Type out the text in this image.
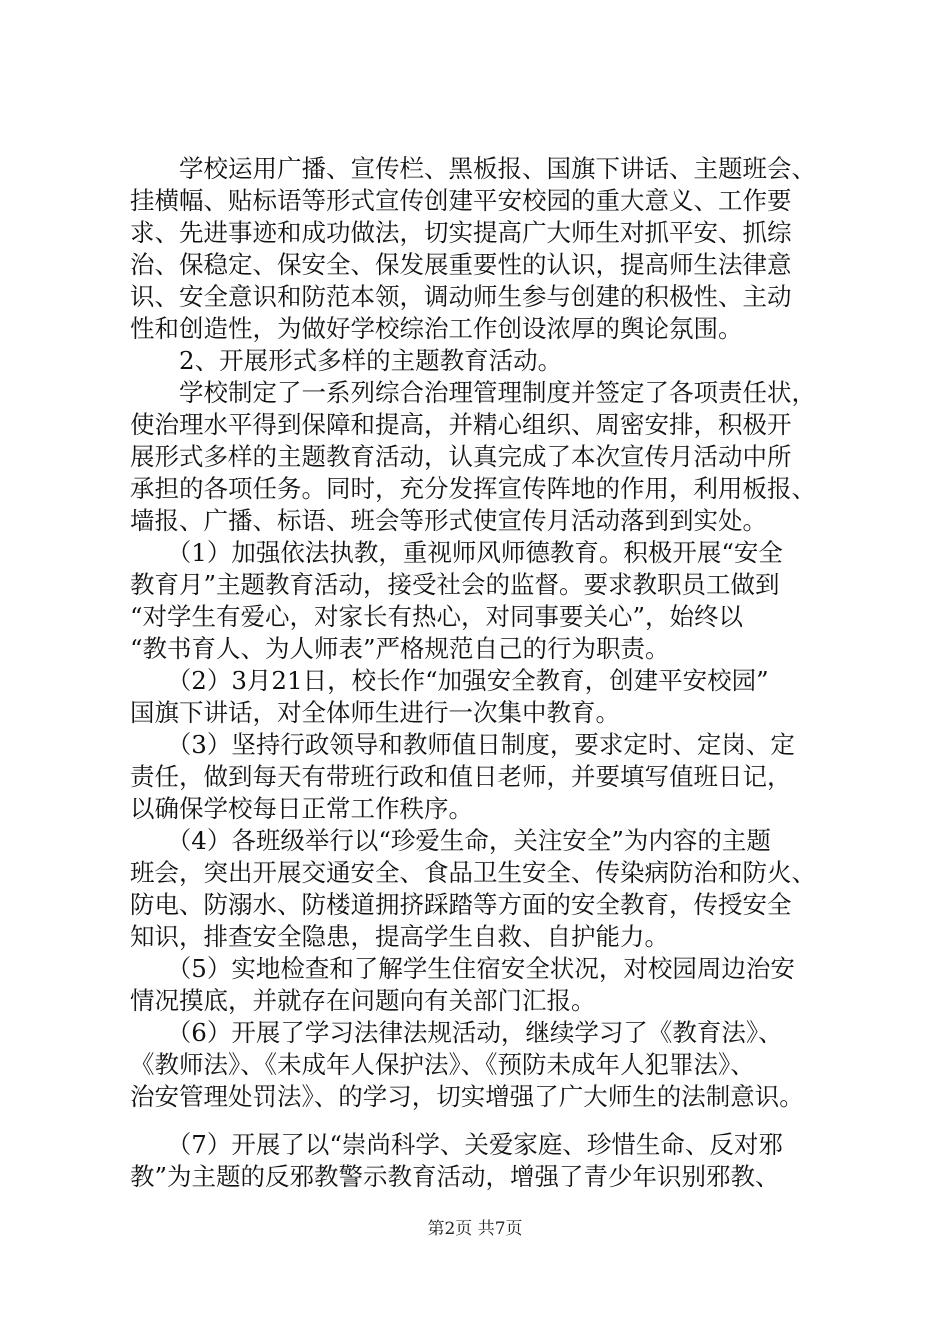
　　学校运用广播、宣传栏、黑板报、国旗下讲话、主题班会、
挂横幅、贴标语等形式宣传创建平安校园的重大意义、工作要
求、先进事迹和成功做法，切实提高广大师生对抓平安、抓综
治、保稳定、保安全、保发展重要性的认识，提高师生法律意
识、安全意识和防范本领，调动师生参与创建的积极性、主动
性和创造性，为做好学校综治工作创设浓厚的舆论氛围。
　　2、开展形式多样的主题教育活动。
　　学校制定了一系列综合治理管理制度并签定了各项责任状，
使治理水平得到保障和提高，并精心组织、周密安排，积极开
展形式多样的主题教育活动，认真完成了本次宣传月活动中所
承担的各项任务。同时，充分发挥宣传阵地的作用，利用板报、
墙报、广播、标语、班会等形式使宣传月活动落到到实处。
　　（1）加强依法执教，重视师风师德教育。积极开展“安全
教育月”主题教育活动，接受社会的监督。要求教职员工做到
“对学生有爱心，对家长有热心，对同事要关心”，始终以
“教书育人、为人师表”严格规范自己的行为职责。
　　（2）3月21日，校长作“加强安全教育，创建平安校园”
国旗下讲话，对全体师生进行一次集中教育。
　　（3）坚持行政领导和教师值日制度，要求定时、定岗、定
责任，做到每天有带班行政和值日老师，并要填写值班日记，
以确保学校每日正常工作秩序。
　　（4）各班级举行以“珍爱生命，关注安全”为内容的主题
班会，突出开展交通安全、食品卫生安全、传染病防治和防火、
防电、防溺水、防楼道拥挤踩踏等方面的安全教育，传授安全
知识，排查安全隐患，提高学生自救、自护能力。
　　（5）实地检查和了解学生住宿安全状况，对校园周边治安
情况摸底，并就存在问题向有关部门汇报。
　　（6）开展了学习法律法规活动，继续学习了《教育法》、
《教师法》、《未成年人保护法》、《预防未成年人犯罪法》、
治安管理处罚法》、的学习，切实增强了广大师生的法制意识。
　　（7）开展了以“崇尚科学、关爱家庭、珍惜生命、反对邪
教”为主题的反邪教警示教育活动，增强了青少年识别邪教、
第2页 共7页
